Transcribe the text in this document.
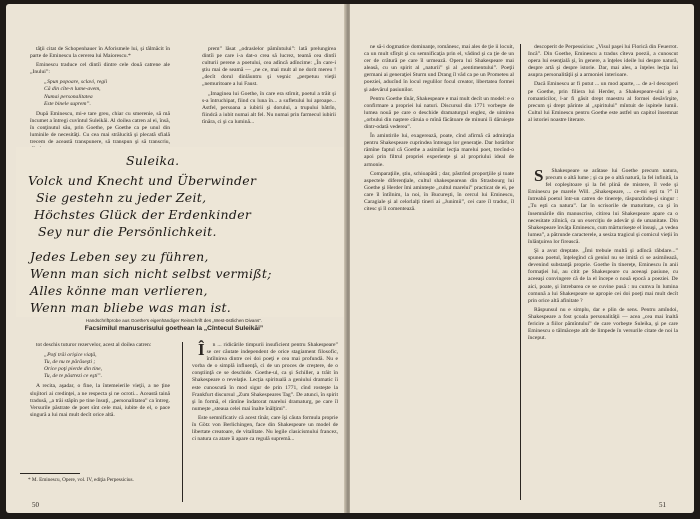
tăţii citat de Schopenhauer în Aforismele lui, şi tălmăcit în parte de Eminescu la cererea lui Maiorescu.*

Eminescu traduce cel dintîi dintre cele două catrene ale „Inului”:

„Spun popoare, sclavi, regii
Că din cîte-n lume-avem,
Numai personalitatea
Este binele suprem”.

După Eminescu, mi-e tare greu, chiar cu smerenie, să mă încumet a întregi cuvîntul Suleikăi. Al doilea catren al ei, însă, în conţinutul său, prin Goethe, pe Goethe ca pe unul din luminile de necesităţi. Cu cea mai strălucită şi plecată sfială trecem de această transpunere, să transpun şi să transcriu,

prem” lăsat „odraslelor pămîntului”: lată prelungirea dintîi pe care i-a dat-o crea să lucrez, teamă cea dintîi culturii perene a poetului, cea adîncă adîncime: „În care-i ştiu mai de seamă — „ne ce, mai mult al ne dorit mereu ! „decît dorul dinlăuntru şi veşnic „perpetuu vieţii „nemuritoare a lui Faust.

„Imaginea lui Goethe, în care era stîrnit, poetul a trăit şi s-a întruchipat, fiind cu luna în... a sufletului lui aproape... Astfel, persoana a iubirii şi dorului, a trupului bătrîn, fiindcă a iubit numai alt fel. Nu numai prin farmecul iubirii tînăra, ci şi ca lumină...

Suleika.
Volck und Knecht und Überwinder
Sie gestehn zu jeder Zeit,
Höchstes Glück der Erdenkinder
Sey nur die Persönlichkeit.
Jedes Leben sey zu führen,
Wenn man sich nicht selbst vermißt;
Alles könne man verlieren,
Wenn man bliebe was man ist.
Handschriftprobe aus Goethe's eigenhändiger Reinschrift des „West-östlichen Divans”.
Facsimilul manuscrisului goethean la „Cîntecul Suleikăi”

tot deschis tuturor rezervelor, acest al doilea catren:

„Poţi trăi orişice viaţă,
Tu, de nu te părăseşti ;
Orice poţi pierde din tine,
Tu, de te păstrezi ce eşti”.

A recita, aşadar, o fine, la întemeierile vieţii, a ne ţine slujitori ai credinţei, a ne respecta şi ne ocroti... Această taină tradusă, „a trăi stăpîn pe tine însuţi, „personalitatea” ca întreg. Versurile păstrate de poet sînt cele mai, iubite de el, o pace singură a lui mai mult decît orice altă.

Î n ... ridicările timpurii insuficient pentru Shakespeare” se cer căutate independent de orice stagiament filosofic, întîlnirea dintre cei doi poeţi e cea mai profundă. Nu e vorba de o simplă influenţă, ci de un proces de creştere, de o conştiinţă ce se deschide. Goethe-ul, ca şi Schiller, a trăit în Shakespeare o revelaţie. Lecţia spirituală a geniului dramatic îi este cunoscută în mod sigur de prin 1771, cînd rosteşte la Frankfurt discursul „Zum Shakespeares Tag”. De atunci, în spirit şi în formă, el rămîne îndatorat marelui dramaturg, pe care îl numeşte „steaua celei mai înalte înălţimi”.

Este semnificativ că acest tînăr, care îşi căuta formula proprie în Götz von Berlichingen, face din Shakespeare un model de libertate creatoare, de vitalitate. Nu legile clasicismului francez, ci natura ca atare îi apare ca regulă supremă...

* M. Eminescu, Opere, vol. IV, ediţia Perpessicius.

50

ne să-i dogmatice dominanţe, românesc, mai ales de ţie ii locuit, ca un mult sfîrşit şi cu semnificaţia prin el, vădind şi ca ţie de un cer de crătură pe care îl urmează. Opera lui Shakespeare mai aleasă, cu un spirit al „naturii” şi al „sentimentului”. Poeţii germani ai generaţiei Sturm und Drang îl văd ca pe un Prometeu al poeziei, aducînd în locul regulilor focul creator, libertatea formei şi adevărul pasiunilor.

Pentru Goethe tînăr, Shakespeare e mai mult decît un model: e o confirmare a propriei lui naturi. Discursul din 1771 vorbeşte de lumea nouă pe care o deschide dramaturgul englez, de uimirea „orbului din naştere căruia o mînă făcătoare de minuni îi dăruieşte dintr-odată vederea”.

În amintirile lui, exagerează, poate, cînd afirmă că admiraţia pentru Shakespeare cuprindea întreaga lor generaţie. Dar hotărîtor rămîne faptul că Goethe a asimilat lecţia marelui poet, trecînd-o apoi prin filtrul propriei experienţe şi al propriului ideal de armonie.

Comparaţiile, ştiu, schioapătă ; dar, păstrînd proporţiile şi toate aspectele diferenţiale, cultul shakespearean din Strasbourg lui Goethe şi Herder îmi aminteşte „cultul marelui” practicat de ei, pe care îl întîlnim, la noi, în Bucureşti, în cercul lui Eminescu, Caragiale şi al celorlalţi tineri ai „Junimii”, cei care îl traduc, îl citesc şi îl comentează.

descoperit de Perpessicius: „Visul paşei lui Florică din Feuerrot. Incă”. Din Goethe, Eminescu a tradus cîteva poezii, a cunoscut opera lui esenţială şi, în genere, a înţeles ideile lui despre natură, despre artă şi despre istorie. Dar, mai ales, a înţeles lecţia lui asupra personalităţii şi a armoniei interioare.

Dacă Eminescu ar fi putut ... un mod aparte, ... de a-l descoperi pe Goethe, prin filiera lui Herder, a Shakespeare-ului şi a romanticilor, l-ar fi găsit drept maestru al formei desăvîrşite, precum şi drept părinte al „spiritului” mîntuit de ispitele lumii. Cultul lui Eminescu pentru Goethe este astfel un capitol însemnat al istoriei noastre literare.

S Shakespeare se arătase lui Goethe precum natura, precum o altă lume ; şi ca pe o altă natură, la fel infinită, la fel copleşitoare şi la fel plină de mistere, îl vede şi Eminescu pe marele Will. „Shakespeare, ... ce-mi eşti tu ?” îl întreabă poetul într-un catren de tinereţe, răspunzîndu-şi singur : „Tu eşti ca natura”. Iar în scrisorile de maturitate, ca şi în însemnările din manuscrise, citirea lui Shakespeare apare ca o necesitate zilnică, ca un exerciţiu de adevăr şi de umanitate. Din Shakespeare învăţa Eminescu, cum mărturiseşte el însuşi, „a vedea lumea”, a pătrunde caracterele, a sesiza tragicul şi comicul vieţii în înlănţuirea lor firească.

Şi a avut dreptate. „Îmi trebuie multă şi adîncă răbdare...” spunea poetul, înţelegînd că geniul nu se imită ci se asimilează, devenind substanţă proprie. Goethe în tinereţe, Eminescu în anii formaţiei lui, au citit pe Shakespeare cu aceeaşi pasiune, cu aceeaşi convingere că de la el începe o nouă epocă a poeziei. De aici, poate, şi întrebarea ce se cuvine pusă : nu cumva în lumina comună a lui Shakespeare se apropie cei doi poeţi mai mult decît prin orice altă afinitate ?

Răspunsul nu e simplu, dar e plin de sens. Pentru amîndoi, Shakespeare a fost şcoala personalităţii — acea „cea mai înaltă fericire a fiilor pămîntului” de care vorbeşte Suleika, şi pe care Eminescu o tălmăceşte atît de limpede în versurile citate de noi la început.

51
